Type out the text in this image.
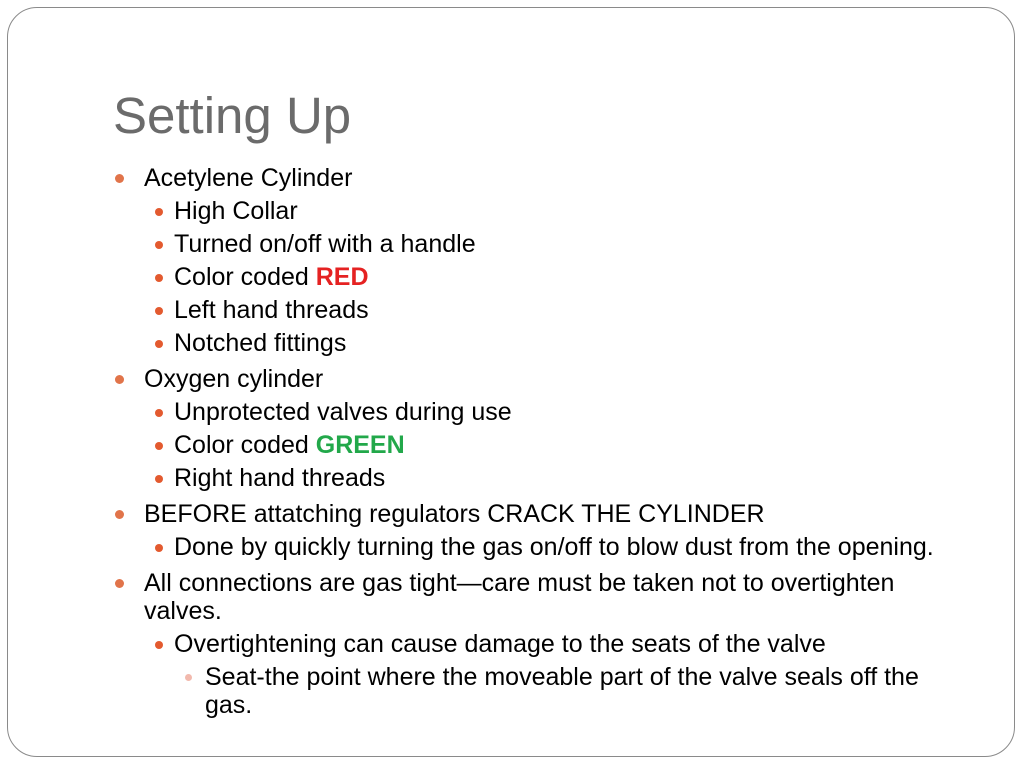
Setting Up

Acetylene Cylinder

High Collar

Turned on/off with a handle

Color coded RED

Left hand threads

Notched fittings

Oxygen cylinder

Unprotected valves during use

Color coded GREEN

Right hand threads

BEFORE attatching regulators CRACK THE CYLINDER

Done by quickly turning the gas on/off to blow dust from the opening.

All connections are gas tight—care must be taken not to overtighten valves.

Overtightening can cause damage to the seats of the valve

Seat-the point where the moveable part of the valve seals off the gas.
